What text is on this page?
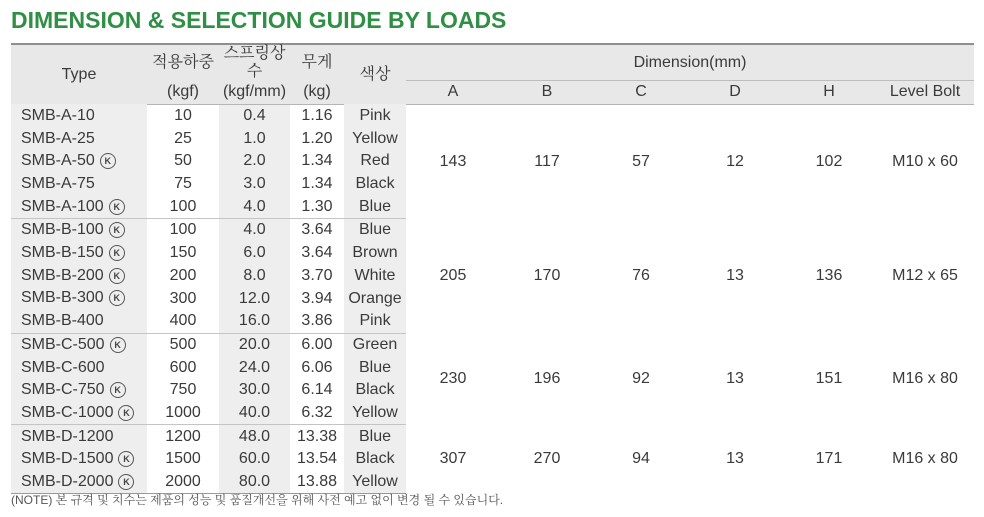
DIMENSION & SELECTION GUIDE BY LOADS
Type	적용하중	스프링상수	무게	색상	Dimension(mm)					
	(kgf)	(kgf/mm)	(kg)		A	B	C	D	H	Level Bolt
SMB-A-10	10	0.4	1.16	Pink	143	117	57	12	102	M10 x 60
SMB-A-25	25	1.0	1.20	Yellow						
SMB-A-50 K	50	2.0	1.34	Red						
SMB-A-75	75	3.0	1.34	Black						
SMB-A-100 K	100	4.0	1.30	Blue						
SMB-B-100 K	100	4.0	3.64	Blue	205	170	76	13	136	M12 x 65
SMB-B-150 K	150	6.0	3.64	Brown						
SMB-B-200 K	200	8.0	3.70	White						
SMB-B-300 K	300	12.0	3.94	Orange						
SMB-B-400	400	16.0	3.86	Pink						
SMB-C-500 K	500	20.0	6.00	Green	230	196	92	13	151	M16 x 80
SMB-C-600	600	24.0	6.06	Blue						
SMB-C-750 K	750	30.0	6.14	Black						
SMB-C-1000 K	1000	40.0	6.32	Yellow						
SMB-D-1200	1200	48.0	13.38	Blue	307	270	94	13	171	M16 x 80
SMB-D-1500 K	1500	60.0	13.54	Black						
SMB-D-2000 K	2000	80.0	13.88	Yellow						

(NOTE) 본 규격 및 치수는 제품의 성능 및 품질개선을 위해 사전 예고 없이 변경 될 수 있습니다.
